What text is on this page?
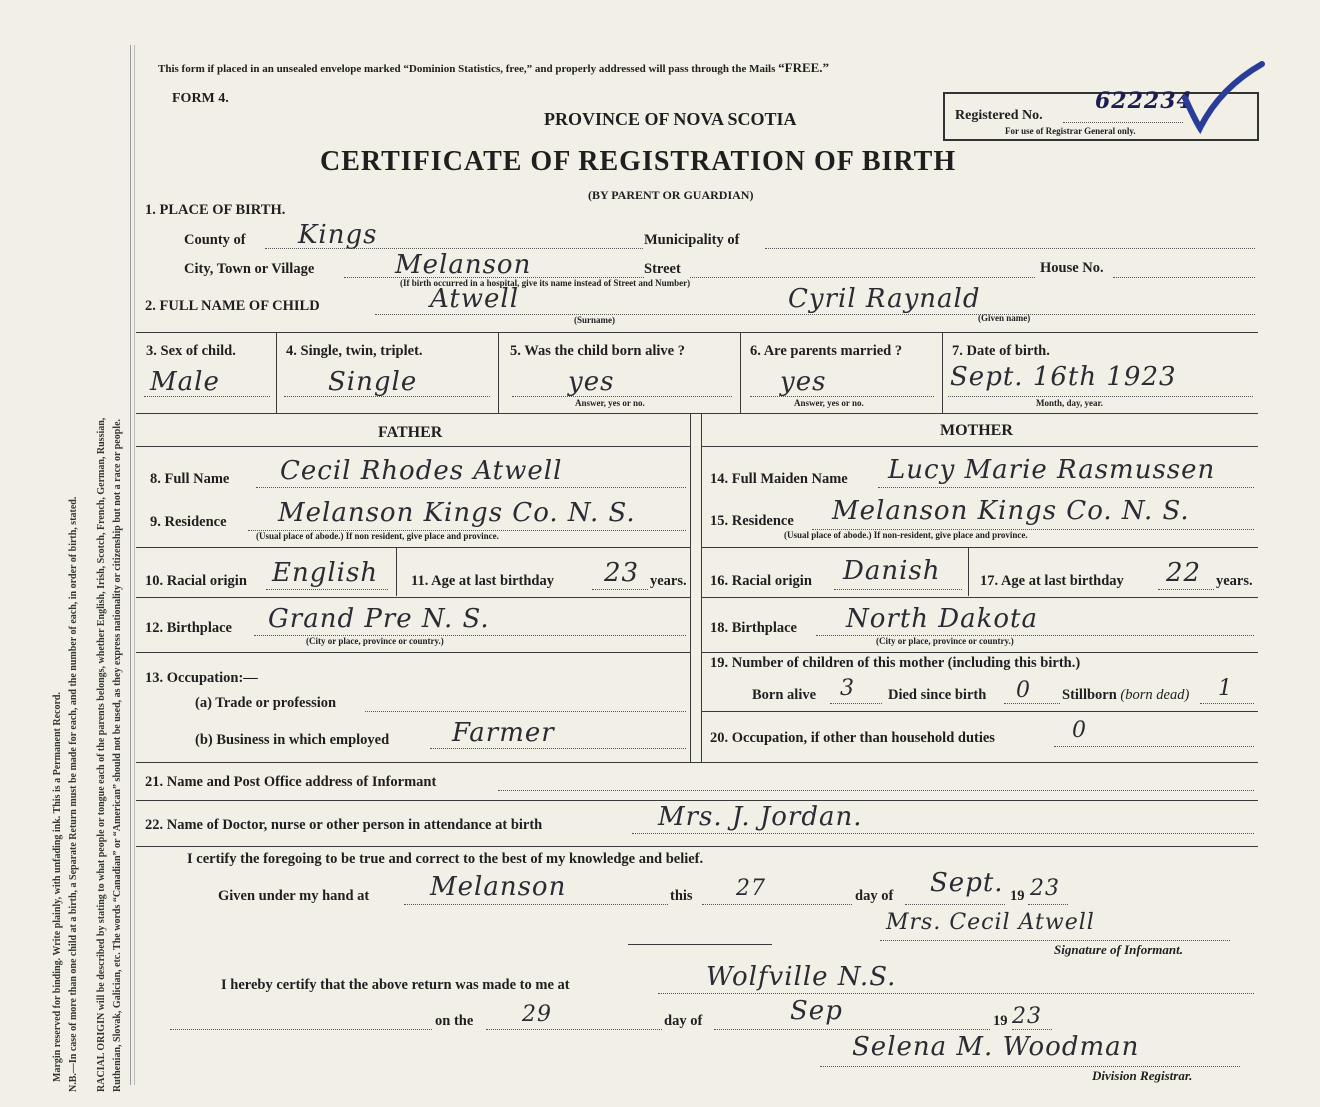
Margin reserved for binding. Write plainly, with unfading ink. This is a Permanent Record. N.B.—In case of more than one child at a birth, a Separate Return must be made for each, and the number of each, in order of birth, stated. RACIAL ORIGIN will be described by stating to what people or tongue each of the parents belongs, whether English, Irish, Scotch, French, German, Russian, Ruthenian, Slovak, Galician, etc. The words “Canadian” or “American” should not be used, as they express nationality or citizenship but not a race or people.
This form if placed in an unsealed envelope marked “Dominion Statistics, free,” and properly addressed will pass through the Mails “FREE.”
FORM 4.
PROVINCE OF NOVA SCOTIA
CERTIFICATE OF REGISTRATION OF BIRTH
(BY PARENT OR GUARDIAN)
Registered No.
622234
For use of Registrar General only.
1. PLACE OF BIRTH.
County of Kings	Municipality of
City, Town or Village	Melanson	Street	House No.
(If birth occurred in a hospital, give its name instead of Street and Number)
2. FULL NAME OF CHILD	Atwell	Cyril Raynald
(Surname)	(Given name)
3. Sex of child.
Male
4. Single, twin, triplet.
Single
5. Was the child born alive ?
yes
Answer, yes or no.
6. Are parents married ?
yes
Answer, yes or no.
7. Date of birth.
Sept. 16th 1923
Month, day, year.
FATHER	MOTHER
8. Full Name Cecil Rhodes Atwell
9. Residence Melanson Kings Co. N. S.
(Usual place of abode.) If non resident, give place and province.
10. Racial origin English 11. Age at last birthday 23 years.
12. Birthplace Grand Pre N. S.
(City or place, province or country.)
13. Occupation:—
(a) Trade or profession
(b) Business in which employed Farmer
14. Full Maiden Name Lucy Marie Rasmussen
15. Residence Melanson Kings Co. N. S.
(Usual place of abode.) If non-resident, give place and province.
16. Racial origin Danish	17. Age at last birthday 22 years.
18. Birthplace North Dakota
(City or place, province or country.)
19. Number of children of this mother (including this birth.)
Born alive 3 Died since birth 0 Stillborn (born dead) 1
20. Occupation, if other than household duties	0
21. Name and Post Office address of Informant
22. Name of Doctor, nurse or other person in attendance at birth	Mrs. J. Jordan.
I certify the foregoing to be true and correct to the best of my knowledge and belief.
Given under my hand at Melanson	this 27	day of Sept. 19 23
Mrs. Cecil Atwell
Signature of Informant.
I hereby certify that the above return was made to me at	Wolfville N.S.
on the 29	day of	Sep	19 23
Selena M. Woodman
Division Registrar.
